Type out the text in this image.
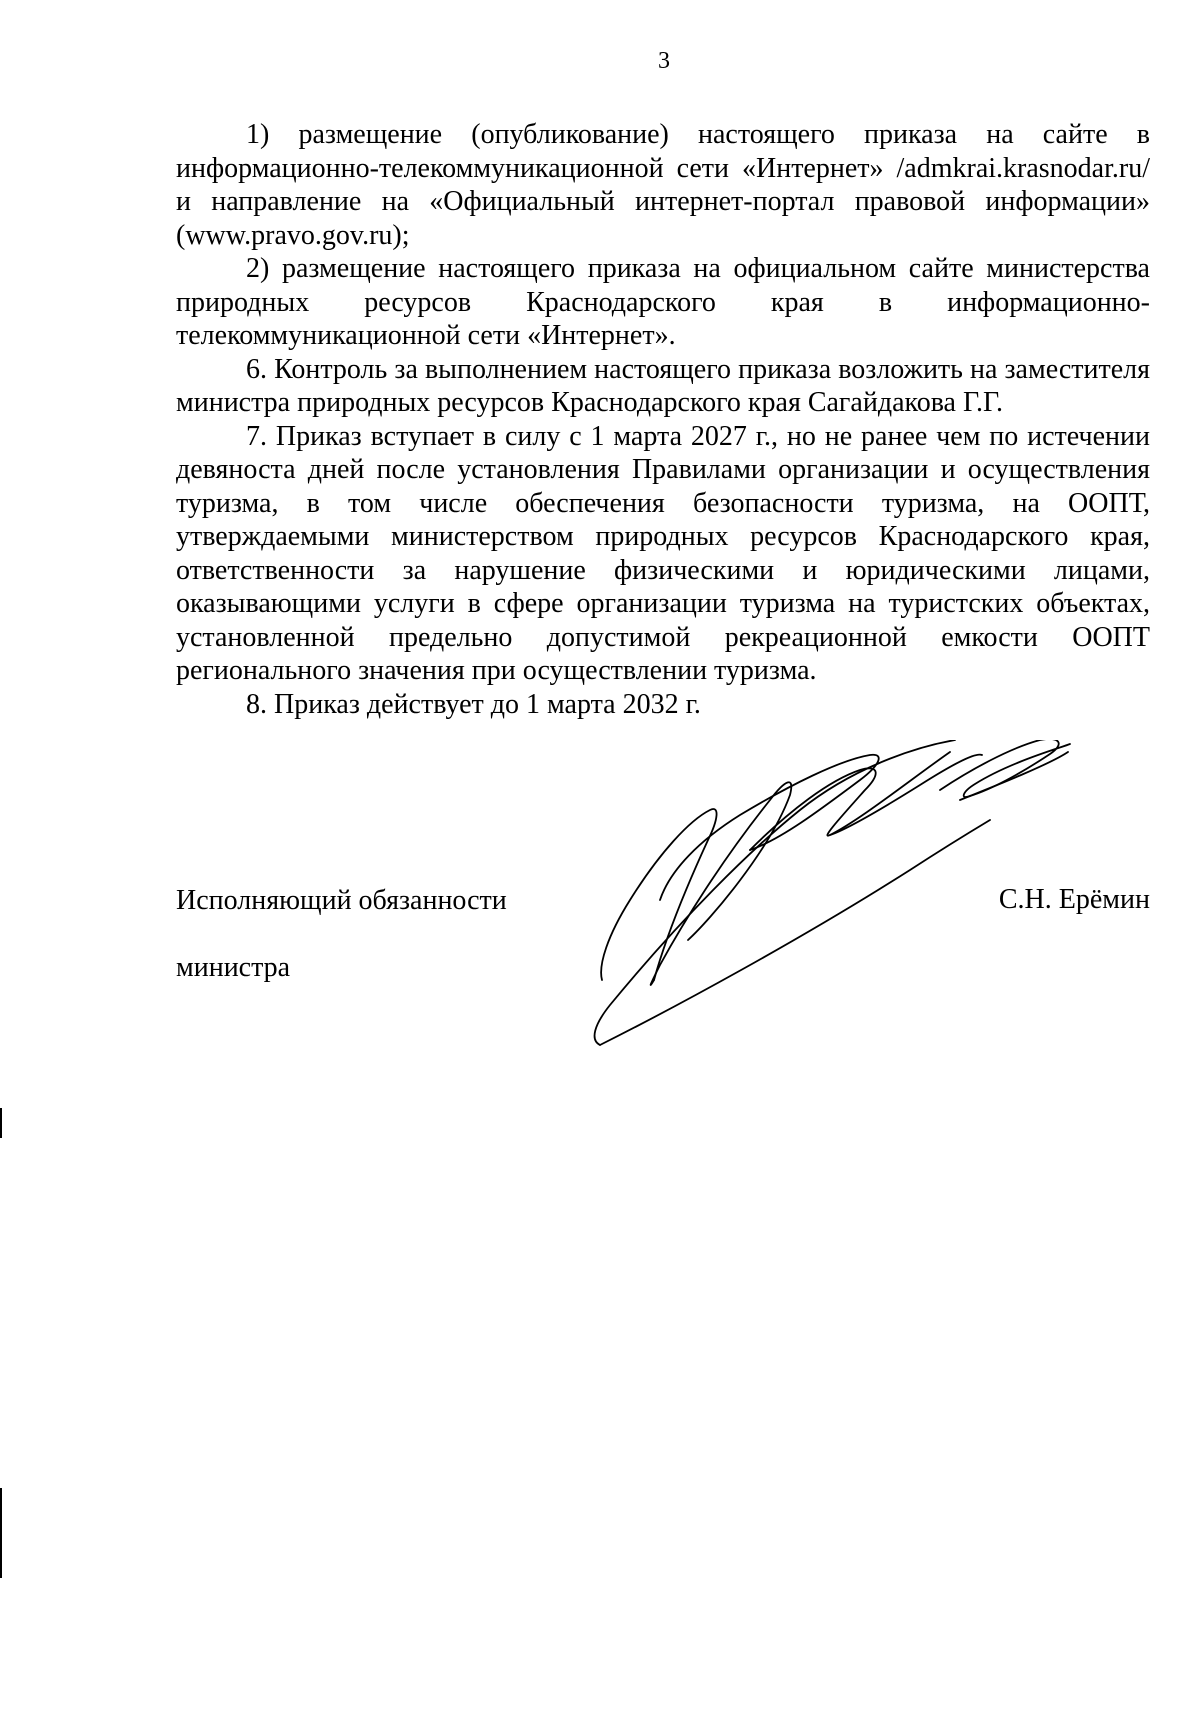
3

1) размещение (опубликование) настоящего приказа на сайте в информационно-телекоммуникационной сети «Интернет» /admkrai.krasnodar.ru/ и направление на «Официальный интернет-портал правовой информации» (www.pravo.gov.ru);

2) размещение настоящего приказа на официальном сайте министерства природных ресурсов Краснодарского края в информационно-телекоммуникационной сети «Интернет».

6. Контроль за выполнением настоящего приказа возложить на заместителя министра природных ресурсов Краснодарского края Сагайдакова Г.Г.

7. Приказ вступает в силу с 1 марта 2027 г., но не ранее чем по истечении девяноста дней после установления Правилами организации и осуществления туризма, в том числе обеспечения безопасности туризма, на ООПТ, утверждаемыми министерством природных ресурсов Краснодарского края, ответственности за нарушение физическими и юридическими лицами, оказывающими услуги в сфере организации туризма на туристских объектах, установленной предельно допустимой рекреационной емкости ООПТ регионального значения при осуществлении туризма.

8. Приказ действует до 1 марта 2032 г.

Исполняющий обязанности

министра

С.Н. Ерёмин
